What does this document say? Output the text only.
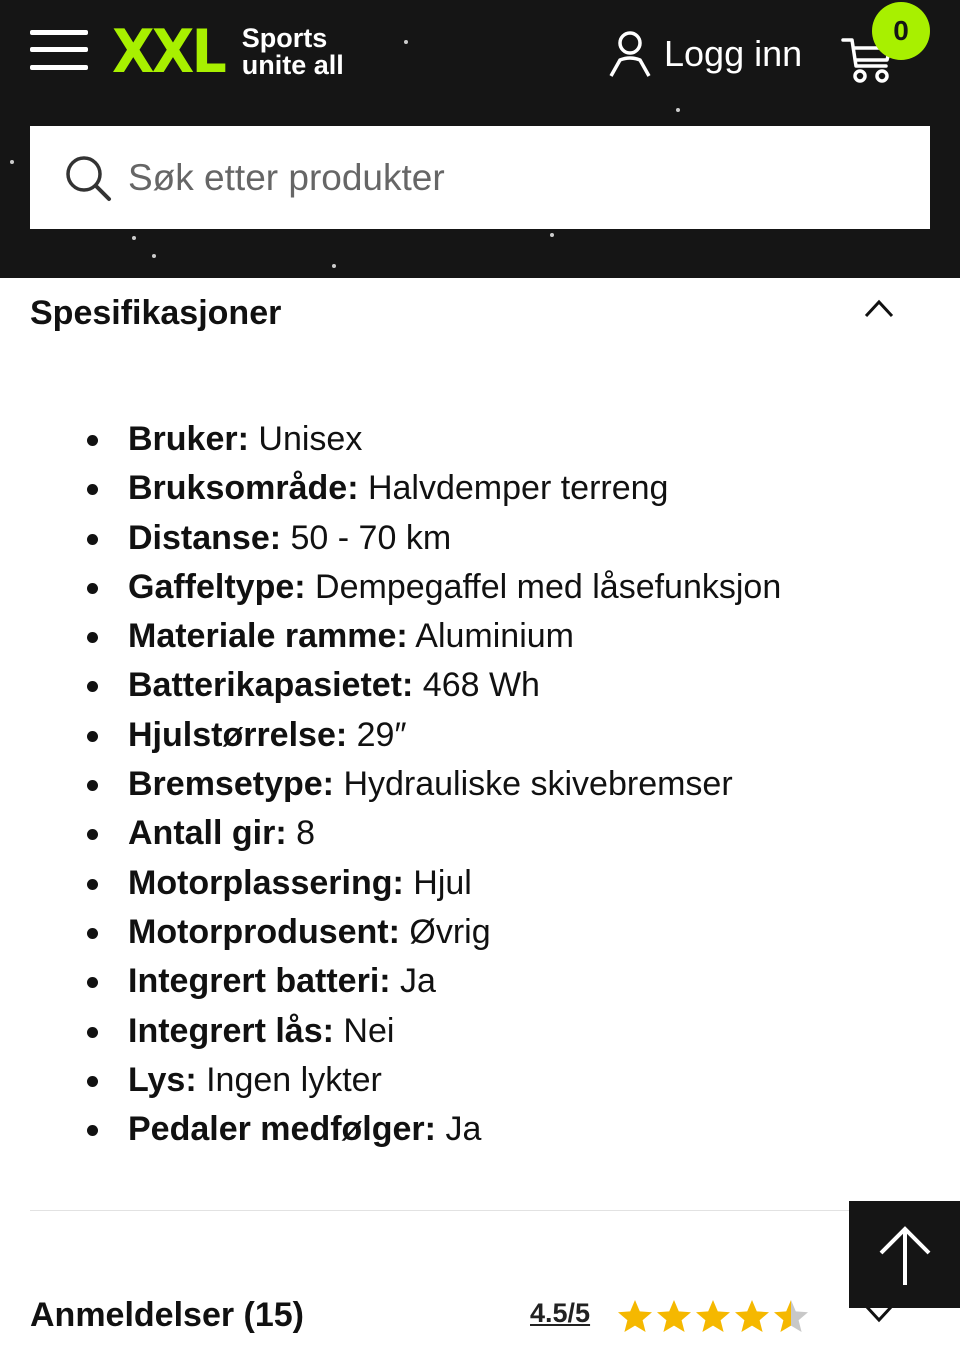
XXL Sports
unite all	Logg inn
0
Søk etter produkter
Spesifikasjoner
Bruker: Unisex
Bruksområde: Halvdemper terreng
Distanse: 50 - 70 km
Gaffeltype: Dempegaffel med låsefunksjon
Materiale ramme: Aluminium
Batterikapasietet: 468 Wh
Hjulstørrelse: 29″
Bremsetype: Hydrauliske skivebremser
Antall gir: 8
Motorplassering: Hjul
Motorprodusent: Øvrig
Integrert batteri: Ja
Integrert lås: Nei
Lys: Ingen lykter
Pedaler medfølger: Ja
Anmeldelser (15)	4.5/5
